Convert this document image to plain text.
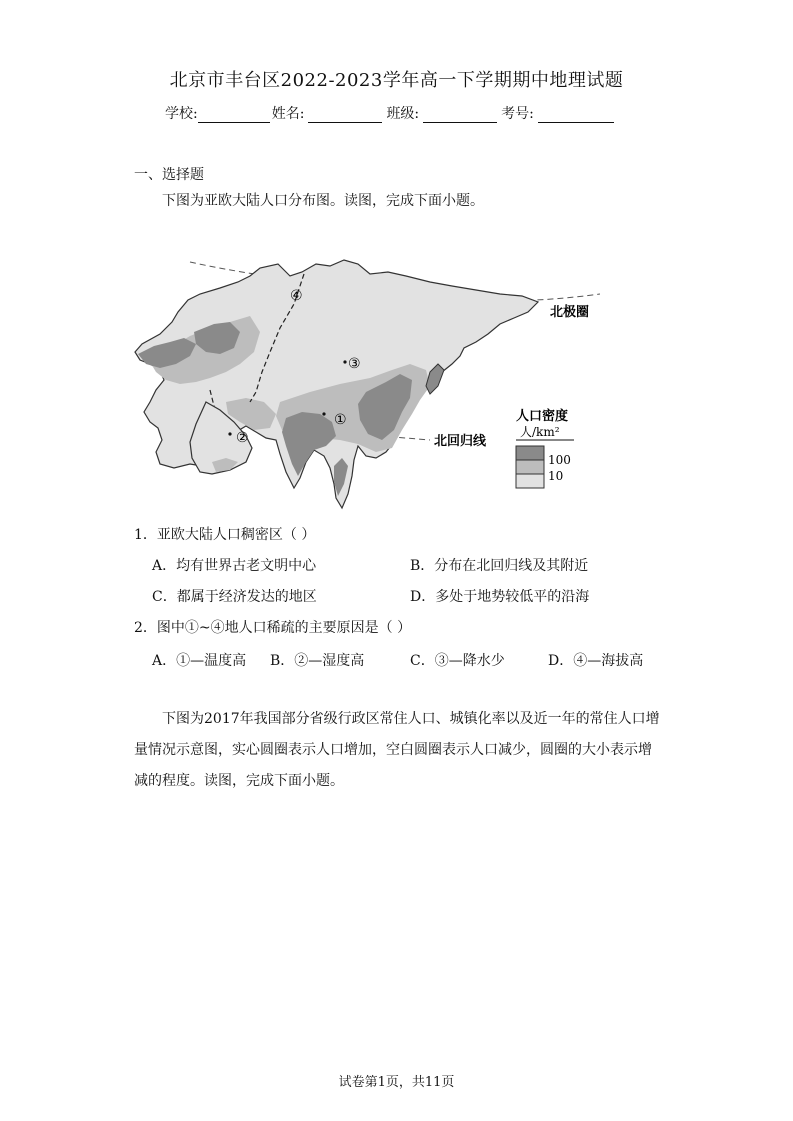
北京市丰台区2022-2023学年高一下学期期中地理试题
学校:	姓名:	班级:	考号:
一、选择题
下图为亚欧大陆人口分布图。读图，完成下面小题。
①
②
③
④
北极圈
北回归线
人口密度
人/km²
100
10
1．亚欧大陆人口稠密区（ ）
A．均有世界古老文明中心	B．分布在北回归线及其附近
C．都属于经济发达的地区	D．多处于地势较低平的沿海
2．图中①~④地人口稀疏的主要原因是（ ）
A．①—温度高 B．②—湿度高	C．③—降水少	D．④—海拔高
下图为2017年我国部分省级行政区常住人口、城镇化率以及近一年的常住人口增量情况示意图，实心圆圈表示人口增加，空白圆圈表示人口减少，圆圈的大小表示增减的程度。读图，完成下面小题。
试卷第1页，共11页
